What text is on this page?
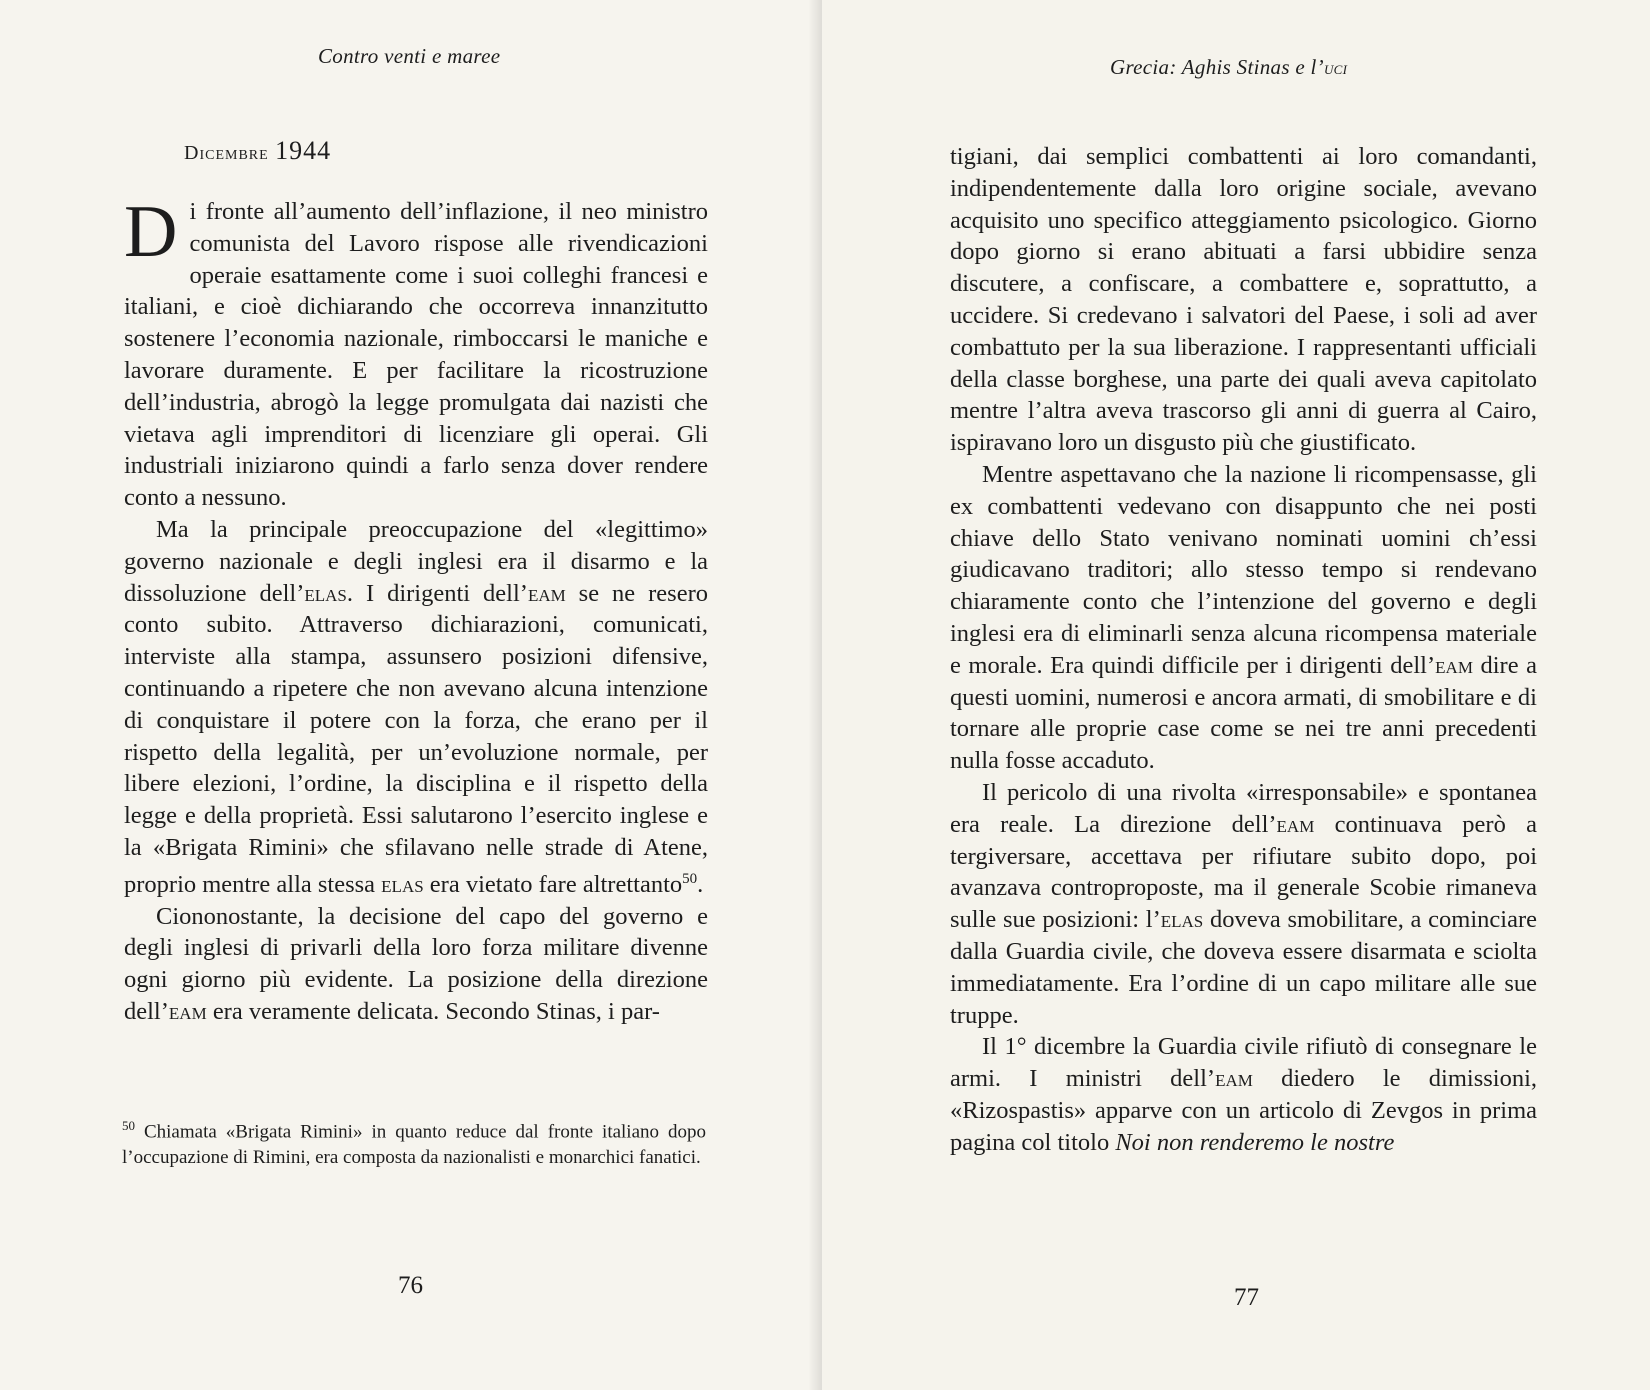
Contro venti e maree
Dicembre 1944

Di fronte all’aumento dell’inflazione, il neo ministro comunista del Lavoro rispose alle rivendicazioni operaie esattamente come i suoi colleghi francesi e italiani, e cioè dichiarando che occorreva innanzitutto sostenere l’economia nazionale, rimboccarsi le maniche e lavorare duramente. E per facilitare la ricostruzione dell’industria, abrogò la legge promulgata dai nazisti che vietava agli imprenditori di licenziare gli operai. Gli industriali iniziarono quindi a farlo senza dover rendere conto a nessuno.

Ma la principale preoccupazione del «legittimo» governo nazionale e degli inglesi era il disarmo e la dissoluzione dell’elas. I dirigenti dell’eam se ne resero conto subito. Attraverso dichiarazioni, comunicati, interviste alla stampa, assunsero posizioni difensive, continuando a ripetere che non avevano alcuna intenzione di conquistare il potere con la forza, che erano per il rispetto della legalità, per un’evoluzione normale, per libere elezioni, l’ordine, la disciplina e il rispetto della legge e della proprietà. Essi salutarono l’esercito inglese e la «Brigata Rimini» che sfilavano nelle strade di Atene, proprio mentre alla stessa elas era vietato fare altrettanto$^{50}$.

Ciononostante, la decisione del capo del governo e degli inglesi di privarli della loro forza militare divenne ogni giorno più evidente. La posizione della direzione dell’eam era veramente delicata. Secondo Stinas, i par-

$^{50}$ Chiamata «Brigata Rimini» in quanto reduce dal fronte italiano dopo l’occupazione di Rimini, era composta da nazionalisti e monarchici fanatici.
76
Grecia: Aghis Stinas e l’uci

tigiani, dai semplici combattenti ai loro comandanti, indipendentemente dalla loro origine sociale, avevano acquisito uno specifico atteggiamento psicologico. Giorno dopo giorno si erano abituati a farsi ubbidire senza discutere, a confiscare, a combattere e, soprattutto, a uccidere. Si credevano i salvatori del Paese, i soli ad aver combattuto per la sua liberazione. I rappresentanti ufficiali della classe borghese, una parte dei quali aveva capitolato mentre l’altra aveva trascorso gli anni di guerra al Cairo, ispiravano loro un disgusto più che giustificato.

Mentre aspettavano che la nazione li ricompensasse, gli ex combattenti vedevano con disappunto che nei posti chiave dello Stato venivano nominati uomini ch’essi giudicavano traditori; allo stesso tempo si rendevano chiaramente conto che l’intenzione del governo e degli inglesi era di eliminarli senza alcuna ricompensa materiale e morale. Era quindi difficile per i dirigenti dell’eam dire a questi uomini, numerosi e ancora armati, di smobilitare e di tornare alle proprie case come se nei tre anni precedenti nulla fosse accaduto.

Il pericolo di una rivolta «irresponsabile» e spontanea era reale. La direzione dell’eam continuava però a tergiversare, accettava per rifiutare subito dopo, poi avanzava controproposte, ma il generale Scobie rimaneva sulle sue posizioni: l’elas doveva smobilitare, a cominciare dalla Guardia civile, che doveva essere disarmata e sciolta immediatamente. Era l’ordine di un capo militare alle sue truppe.

Il 1° dicembre la Guardia civile rifiutò di consegnare le armi. I ministri dell’eam diedero le dimissioni, «Rizospastis» apparve con un articolo di Zevgos in prima pagina col titolo Noi non renderemo le nostre

77
